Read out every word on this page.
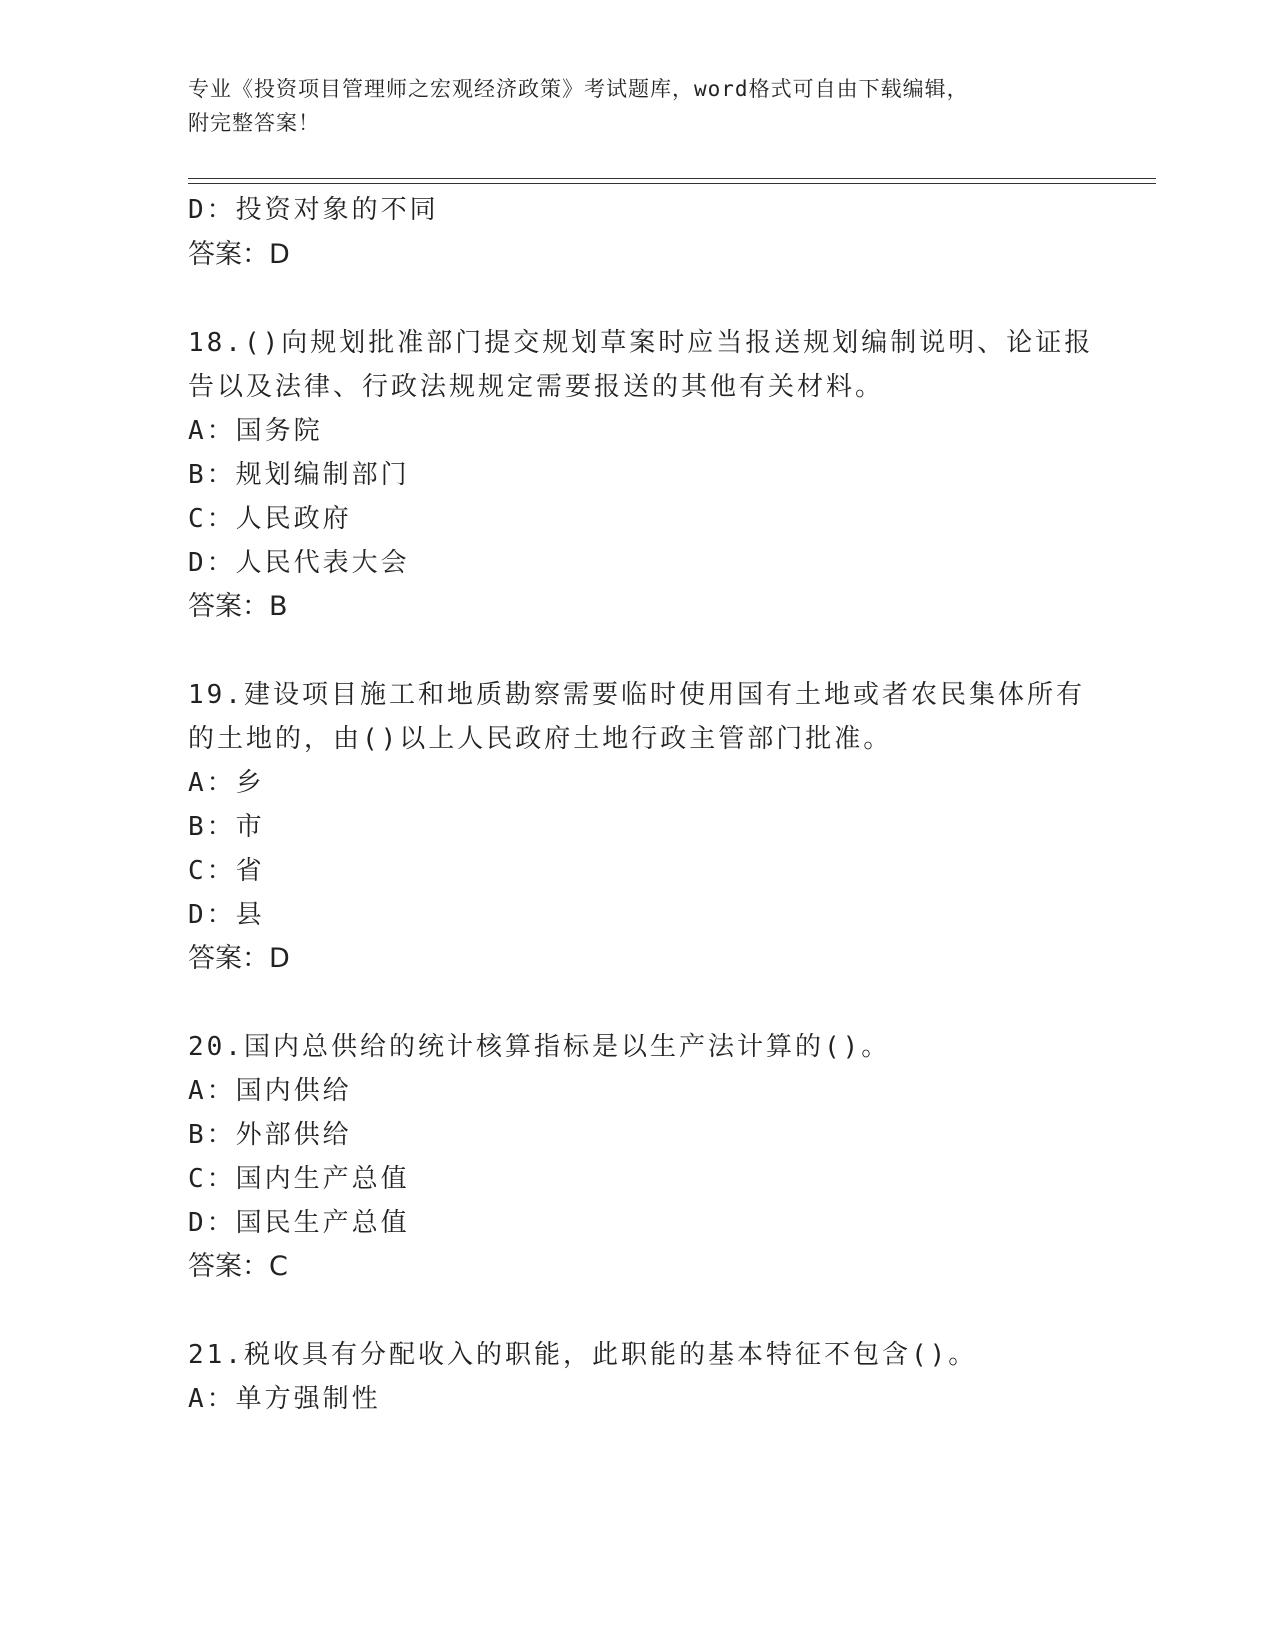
专业《投资项目管理师之宏观经济政策》考试题库，word格式可自由下载编辑，
附完整答案！
D：投资对象的不同
答案：D
18.()向规划批准部门提交规划草案时应当报送规划编制说明、论证报
告以及法律、行政法规规定需要报送的其他有关材料。
A：国务院
B：规划编制部门
C：人民政府
D：人民代表大会
答案：B
19.建设项目施工和地质勘察需要临时使用国有土地或者农民集体所有
的土地的，由()以上人民政府土地行政主管部门批准。
A：乡
B：市
C：省
D：县
答案：D
20.国内总供给的统计核算指标是以生产法计算的()。
A：国内供给
B：外部供给
C：国内生产总值
D：国民生产总值
答案：C
21.税收具有分配收入的职能，此职能的基本特征不包含()。
A：单方强制性
